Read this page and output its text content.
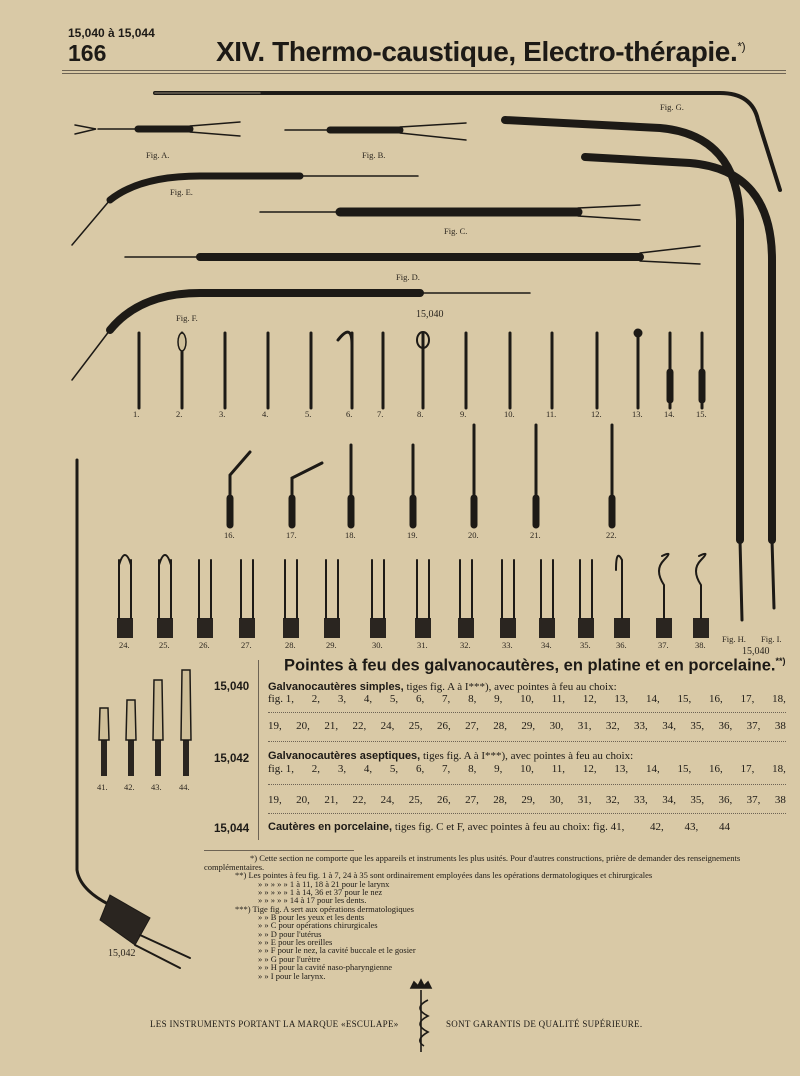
15,040 à 15,044
166	XIV. Thermo-caustique, Electro-thérapie.*)
Fig. A.	Fig. B.
Fig. E.
Fig. C.
Fig. D.
Fig. F.
Fig. G.
Fig. H. Fig. I.
15,040
15,040
15,042
1.	2.	3.	4.	5.	6.	7.	8.	9.	10.	11.	12.	13.	14.	15.
16.	17.	18.	19.	20.	21.	22.
24.	25.	26.	27.	28.	29.	30.	31.	32.	33.	34.	35.	36.	37.	38.
41. 42. 43. 44.
Pointes à feu des galvanocautères, en platine et en porcelaine.**)
15,040 Galvanocautères simples, tiges fig. A à I***), avec pointes à feu au choix:
fig. 1, 2, 3, 4, 5, 6, 7, 8, 9, 10, 11, 12, 13, 14, 15, 16, 17, 18,
19, 20, 21, 22, 24, 25, 26, 27, 28, 29, 30, 31, 32, 33, 34, 35, 36, 37, 38
15,042 Galvanocautères aseptiques, tiges fig. A à I***), avec pointes à feu au choix:
fig. 1, 2, 3, 4, 5, 6, 7, 8, 9, 10, 11, 12, 13, 14, 15, 16, 17, 18,
19, 20, 21, 22, 24, 25, 26, 27, 28, 29, 30, 31, 32, 33, 34, 35, 36, 37, 38
15,044 Cautères en porcelaine, tiges fig. C et F, avec pointes à feu au choix: fig. 41, 42, 43, 44
*) Cette section ne comporte que les appareils et instruments les plus usités. Pour d'autres constructions, prière de demander des renseignements
complémentaires.
**) Les pointes à feu fig. 1 à 7, 24 à 35 sont ordinairement employées dans les opérations dermatologiques et chirurgicales
» » » » » 1 à 11, 18 à 21 pour le larynx
» » » » » 1 à 14, 36 et 37 pour le nez
» » » » » 14 à 17 pour les dents.
***) Tige fig. A sert aux opérations dermatologiques
» » B pour les yeux et les dents
» » C pour opérations chirurgicales
» » D pour l'utérus
» » E pour les oreilles
» » F pour le nez, la cavité buccale et le gosier
» » G pour l'urètre
» » H pour la cavité naso-pharyngienne
» » I pour le larynx.
LES INSTRUMENTS PORTANT LA MARQUE «ESCULAPE»	SONT GARANTIS DE QUALITÉ SUPÉRIEURE.
